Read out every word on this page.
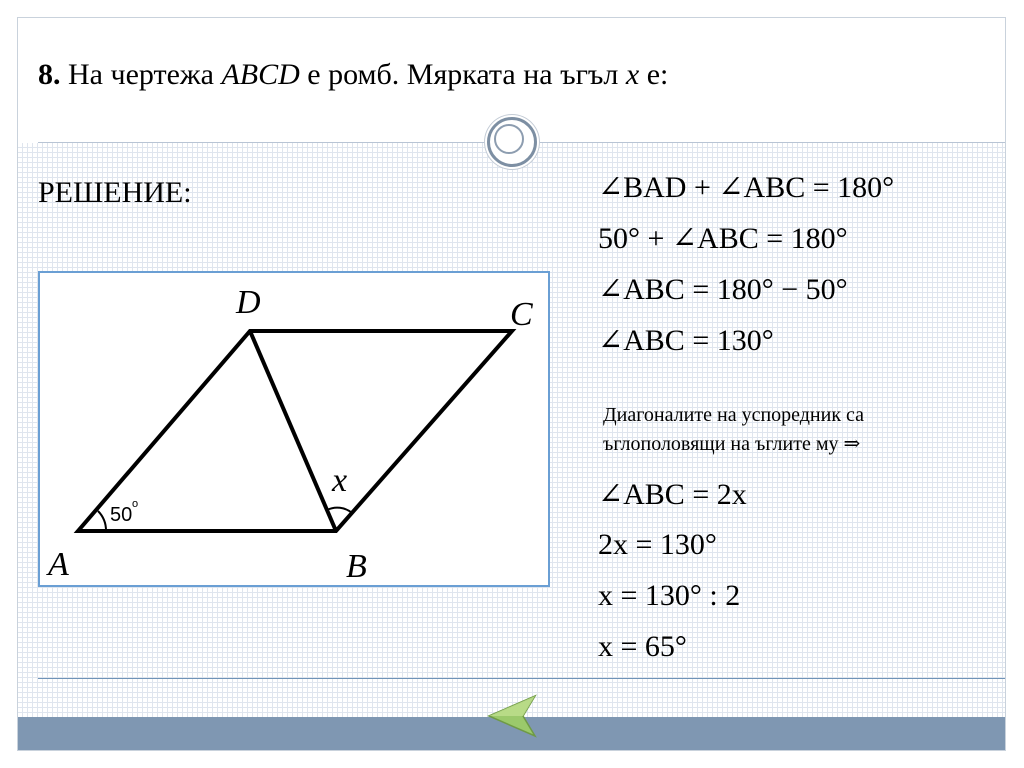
8. На чертежа ABCD е ромб. Мярката на ъгъл x е:
РЕШЕНИЕ:
50 o
A	B
C
D
x
∠BAD + ∠ABC = 180°
50° + ∠ABC = 180°
∠ABC = 180° − 50°
∠ABC = 130°
Диагоналите на успоредник са ъглополовящи на ъглите му ⇒
∠ABC = 2x
2x = 130°
x = 130° : 2
x = 65°
